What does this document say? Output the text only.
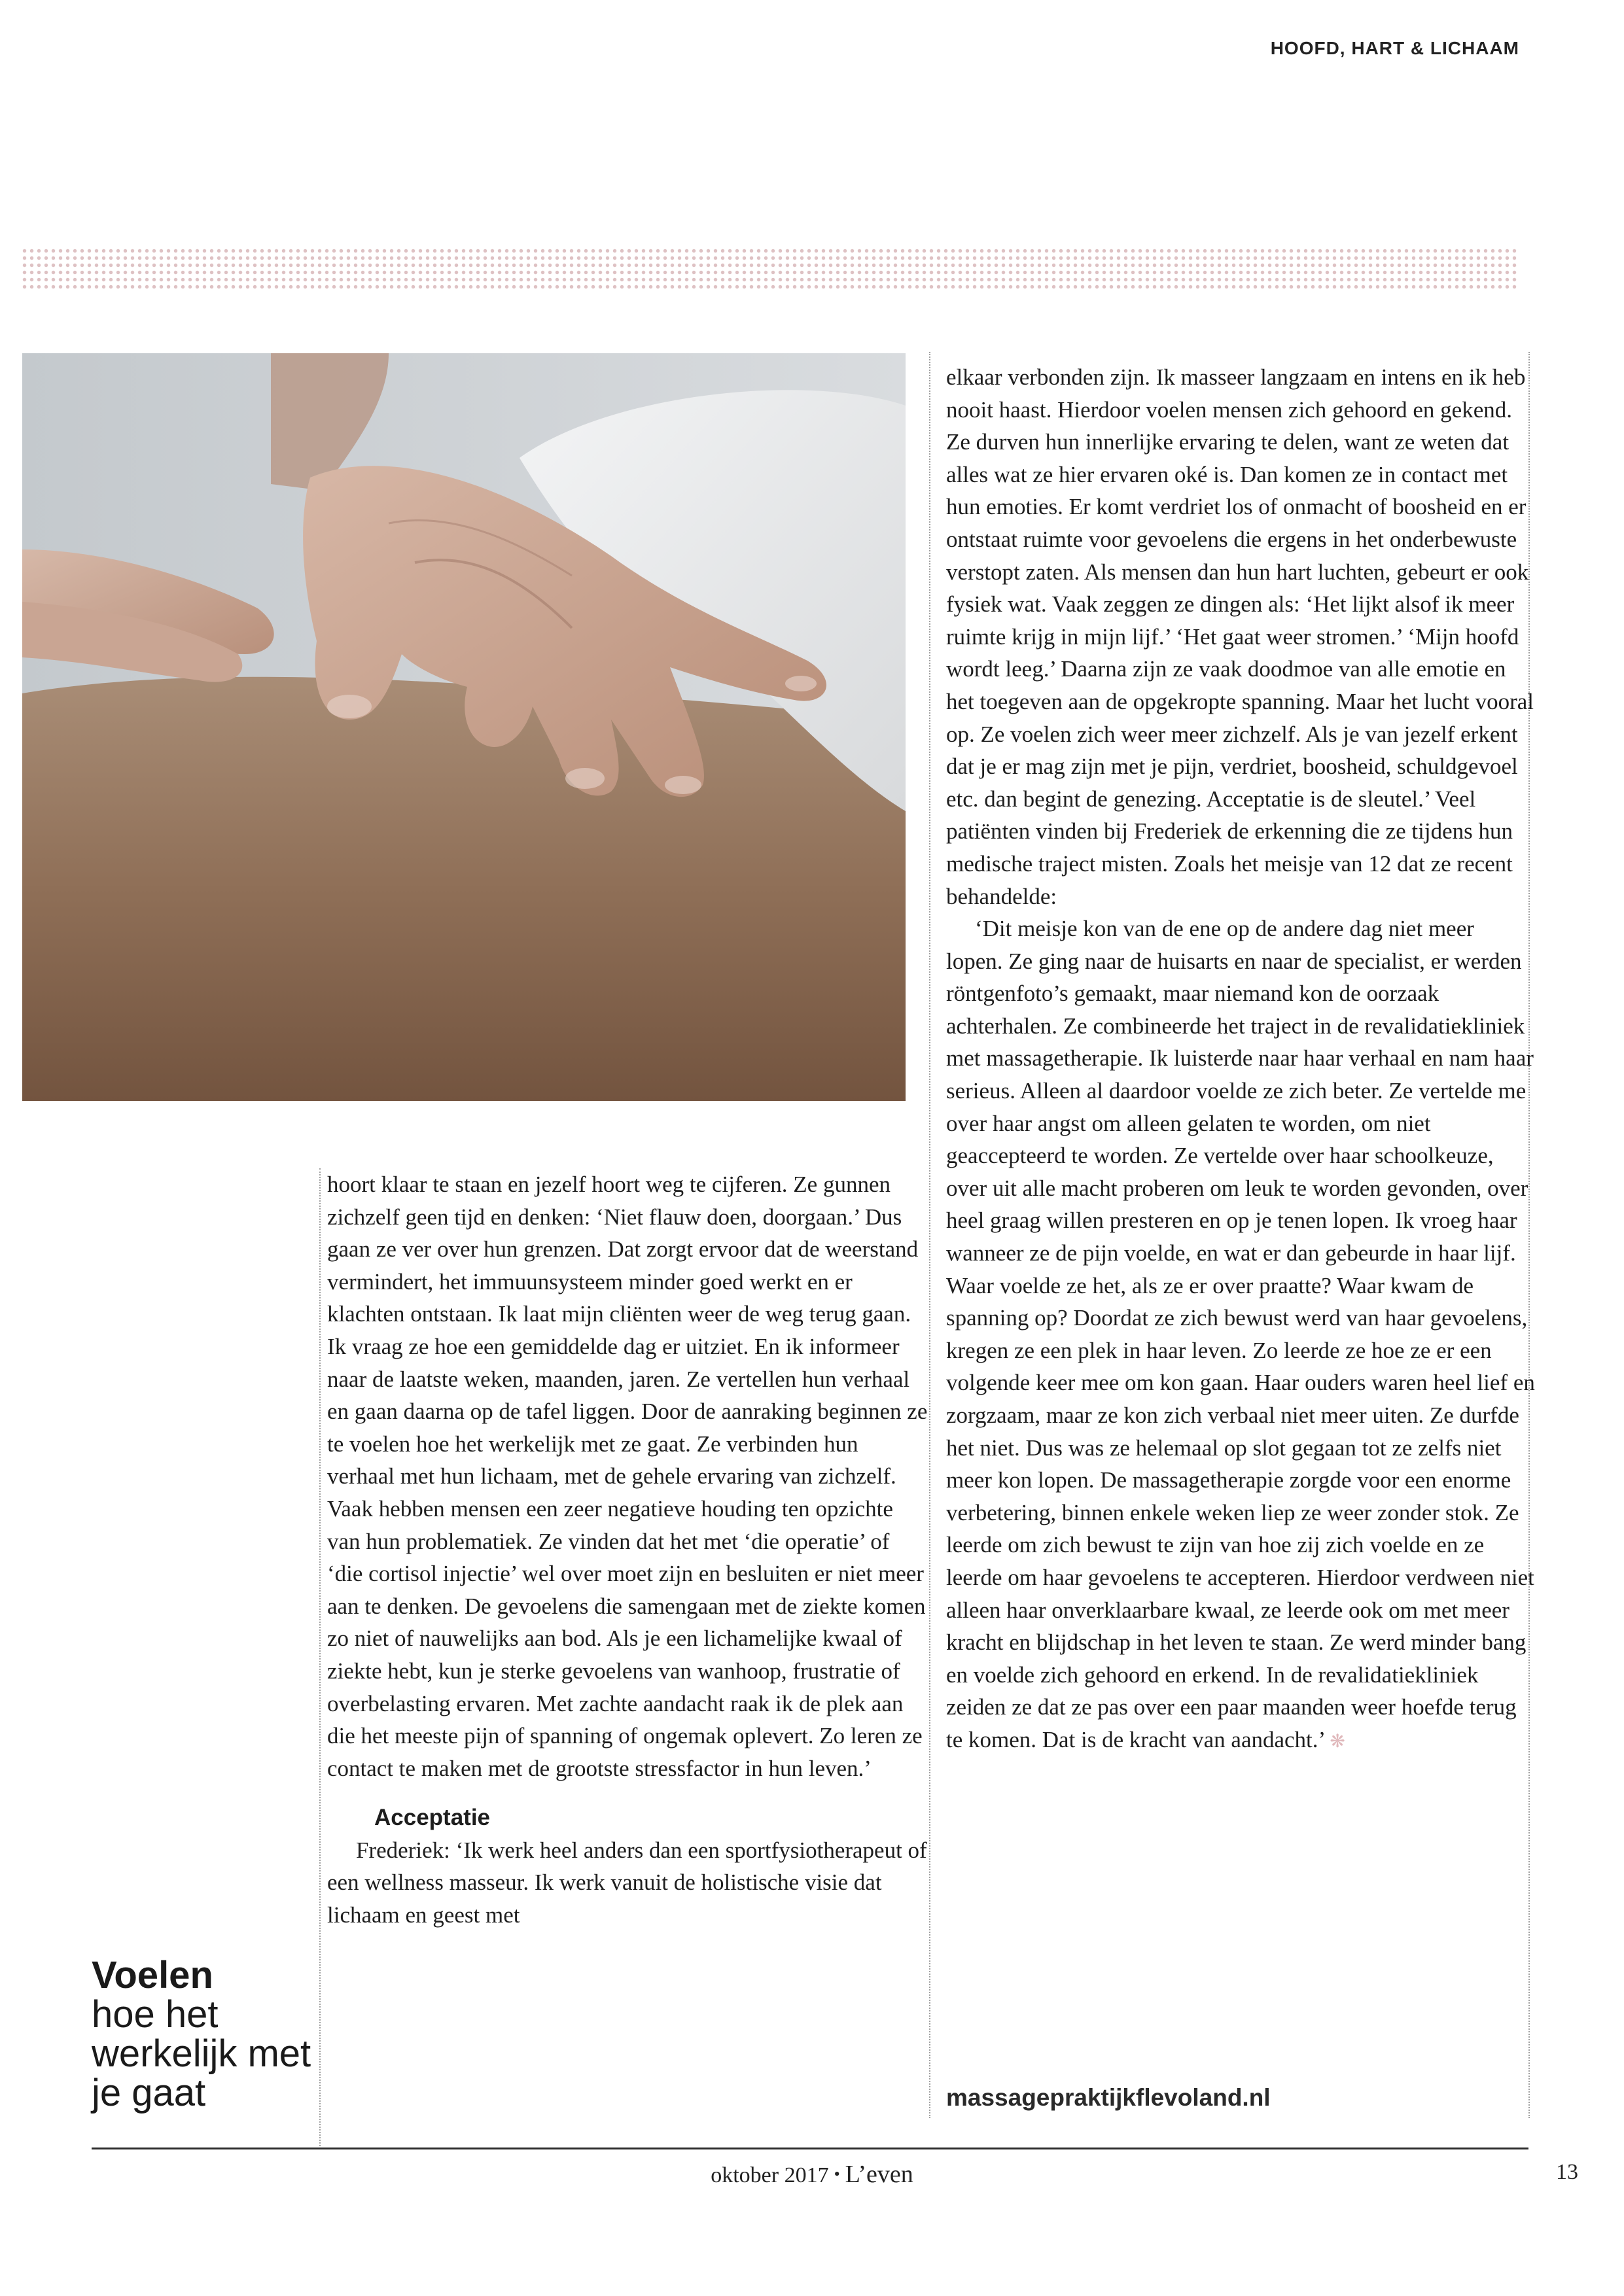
HOOFD, HART & LICHAAM

hoort klaar te staan en jezelf hoort weg te cijferen. Ze gunnen zichzelf geen tijd en denken: ‘Niet flauw doen, doorgaan.’ Dus gaan ze ver over hun grenzen. Dat zorgt ervoor dat de weerstand vermindert, het immuunsysteem minder goed werkt en er klachten ontstaan. Ik laat mijn cliënten weer de weg terug gaan. Ik vraag ze hoe een gemiddelde dag er uitziet. En ik informeer naar de laatste weken, maanden, jaren. Ze vertellen hun verhaal en gaan daarna op de tafel liggen. Door de aanraking beginnen ze te voelen hoe het werkelijk met ze gaat. Ze verbinden hun verhaal met hun lichaam, met de gehele ervaring van zichzelf. Vaak hebben mensen een zeer negatieve houding ten opzichte van hun problematiek. Ze vinden dat het met ‘die operatie’ of ‘die cortisol injectie’ wel over moet zijn en besluiten er niet meer aan te denken. De gevoelens die samengaan met de ziekte komen zo niet of nauwelijks aan bod. Als je een lichamelijke kwaal of ziekte hebt, kun je sterke gevoelens van wanhoop, frustratie of overbelasting ervaren. Met zachte aandacht raak ik de plek aan die het meeste pijn of spanning of ongemak oplevert. Zo leren ze contact te maken met de grootste stressfactor in hun leven.’

Acceptatie

Frederiek: ‘Ik werk heel anders dan een sportfysiotherapeut of een wellness masseur. Ik werk vanuit de holistische visie dat lichaam en geest met

elkaar verbonden zijn. Ik masseer langzaam en intens en ik heb nooit haast. Hierdoor voelen mensen zich gehoord en gekend. Ze durven hun innerlijke ervaring te delen, want ze weten dat alles wat ze hier ervaren oké is. Dan komen ze in contact met hun emoties. Er komt verdriet los of onmacht of boosheid en er ontstaat ruimte voor gevoelens die ergens in het onderbewuste verstopt zaten. Als mensen dan hun hart luchten, gebeurt er ook fysiek wat. Vaak zeggen ze dingen als: ‘Het lijkt alsof ik meer ruimte krijg in mijn lijf.’ ‘Het gaat weer stromen.’ ‘Mijn hoofd wordt leeg.’ Daarna zijn ze vaak doodmoe van alle emotie en het toegeven aan de opgekropte spanning. Maar het lucht vooral op. Ze voelen zich weer meer zichzelf. Als je van jezelf erkent dat je er mag zijn met je pijn, verdriet, boosheid, schuldgevoel etc. dan begint de genezing. Acceptatie is de sleutel.’ Veel patiënten vinden bij Frederiek de erkenning die ze tijdens hun medische traject misten. Zoals het meisje van 12 dat ze recent behandelde:

‘Dit meisje kon van de ene op de andere dag niet meer lopen. Ze ging naar de huisarts en naar de specialist, er werden röntgenfoto’s gemaakt, maar niemand kon de oorzaak achterhalen. Ze combineerde het traject in de revalidatiekliniek met massagetherapie. Ik luisterde naar haar verhaal en nam haar serieus. Alleen al daardoor voelde ze zich beter. Ze vertelde me over haar angst om alleen gelaten te worden, om niet geaccepteerd te worden. Ze vertelde over haar schoolkeuze, over uit alle macht proberen om leuk te worden gevonden, over heel graag willen presteren en op je tenen lopen. Ik vroeg haar wanneer ze de pijn voelde, en wat er dan gebeurde in haar lijf. Waar voelde ze het, als ze er over praatte? Waar kwam de spanning op? Doordat ze zich bewust werd van haar gevoelens, kregen ze een plek in haar leven. Zo leerde ze hoe ze er een volgende keer mee om kon gaan. Haar ouders waren heel lief en zorgzaam, maar ze kon zich verbaal niet meer uiten. Ze durfde het niet. Dus was ze helemaal op slot gegaan tot ze zelfs niet meer kon lopen. De massagetherapie zorgde voor een enorme verbetering, binnen enkele weken liep ze weer zonder stok. Ze leerde om zich bewust te zijn van hoe zij zich voelde en ze leerde om haar gevoelens te accepteren. Hierdoor verdween niet alleen haar onverklaarbare kwaal, ze leerde ook om met meer kracht en blijdschap in het leven te staan. Ze werd minder bang en voelde zich gehoord en erkend. In de revalidatiekliniek zeiden ze dat ze pas over een paar maanden weer hoefde terug te komen. Dat is de kracht van aandacht.’ ❋

Voelen
hoe het werkelijk met je gaat	massagepraktijkflevoland.nl
oktober 2017 • L’even	13
